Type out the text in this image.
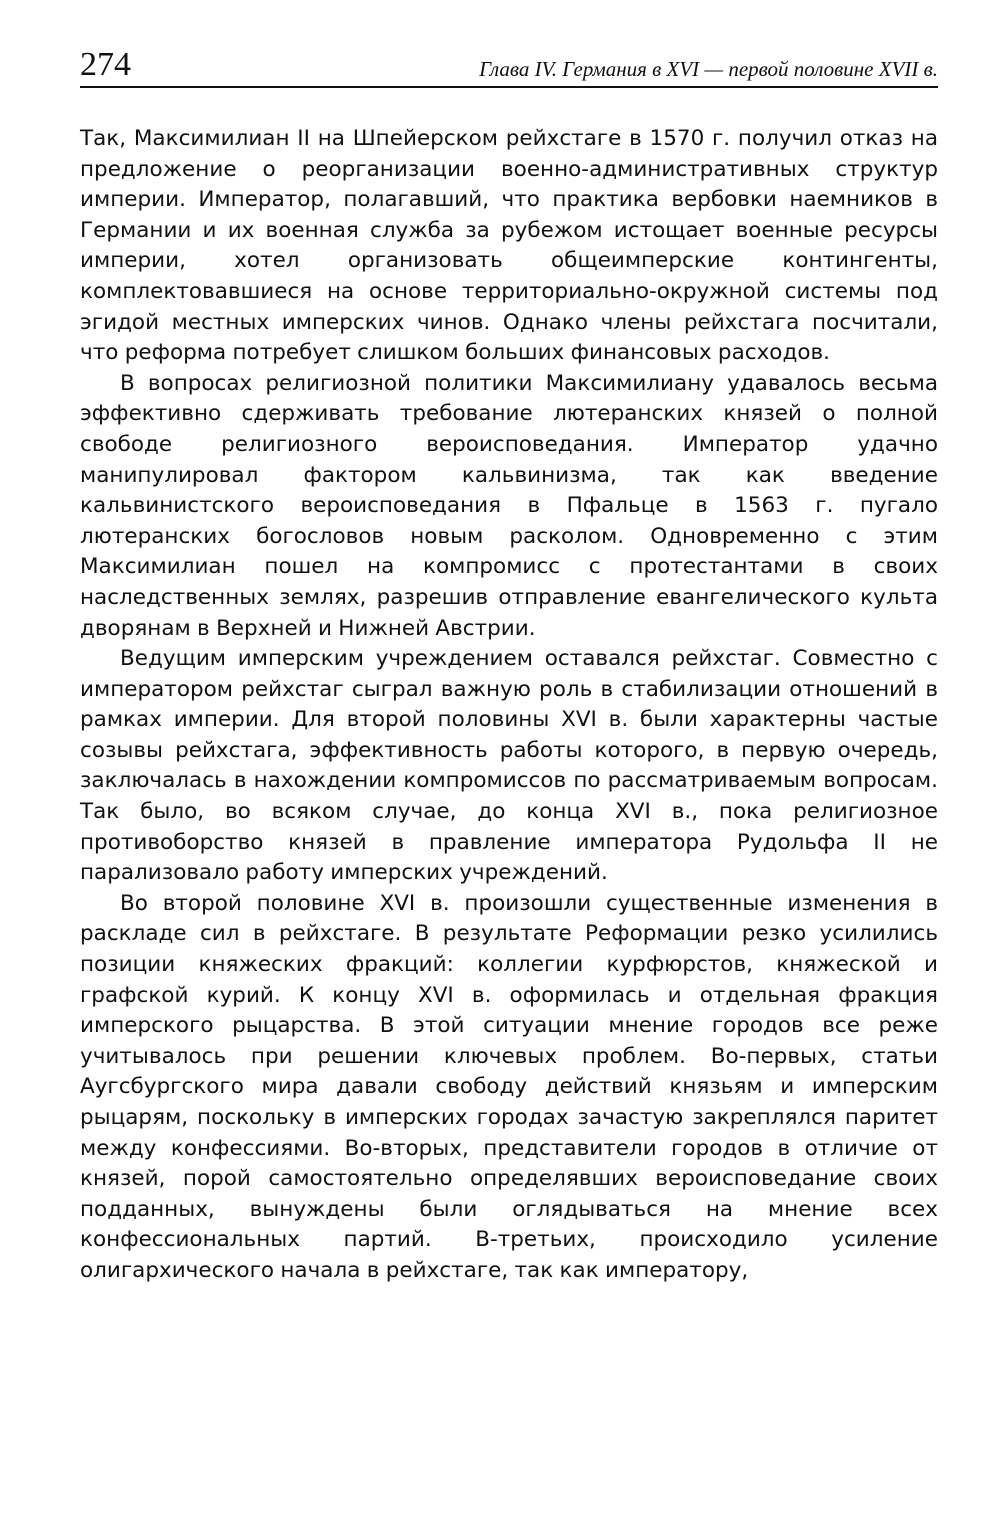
274	Глава IV. Германия в XVI — первой половине XVII в.

Так, Максимилиан II на Шпейерском рейхстаге в 1570 г. получил отказ на предложение о реорганизации военно-административных структур империи. Император, полагавший, что практика вербовки наемников в Германии и их военная служба за рубежом истощает военные ресурсы империи, хотел организовать общеимперские контингенты, комплектовавшиеся на основе территориально-окружной системы под эгидой местных имперских чинов. Однако члены рейхстага посчитали, что реформа потребует слишком больших финансовых расходов.

В вопросах религиозной политики Максимилиану удавалось весьма эффективно сдерживать требование лютеранских князей о полной свободе религиозного вероисповедания. Император удачно манипулировал фактором кальвинизма, так как введение кальвинистского вероисповедания в Пфальце в 1563 г. пугало лютеранских богословов новым расколом. Одновременно с этим Максимилиан пошел на компромисс с протестантами в своих наследственных землях, разрешив отправление евангелического культа дворянам в Верхней и Нижней Австрии.

Ведущим имперским учреждением оставался рейхстаг. Совместно с императором рейхстаг сыграл важную роль в стабилизации отношений в рамках империи. Для второй половины XVI в. были характерны частые созывы рейхстага, эффективность работы которого, в первую очередь, заключалась в нахождении компромиссов по рассматриваемым вопросам. Так было, во всяком случае, до конца XVI в., пока религиозное противоборство князей в правление императора Рудольфа II не парализовало работу имперских учреждений.

Во второй половине XVI в. произошли существенные изменения в раскладе сил в рейхстаге. В результате Реформации резко усилились позиции княжеских фракций: коллегии курфюрстов, княжеской и графской курий. К концу XVI в. оформилась и отдельная фракция имперского рыцарства. В этой ситуации мнение городов все реже учитывалось при решении ключевых проблем. Во-первых, статьи Аугсбургского мира давали свободу действий князьям и имперским рыцарям, поскольку в имперских городах зачастую закреплялся паритет между конфессиями. Во-вторых, представители городов в отличие от князей, порой самостоятельно определявших вероисповедание своих подданных, вынуждены были оглядываться на мнение всех конфессиональных партий. В-третьих, происходило усиление олигархического начала в рейхстаге, так как императору,
